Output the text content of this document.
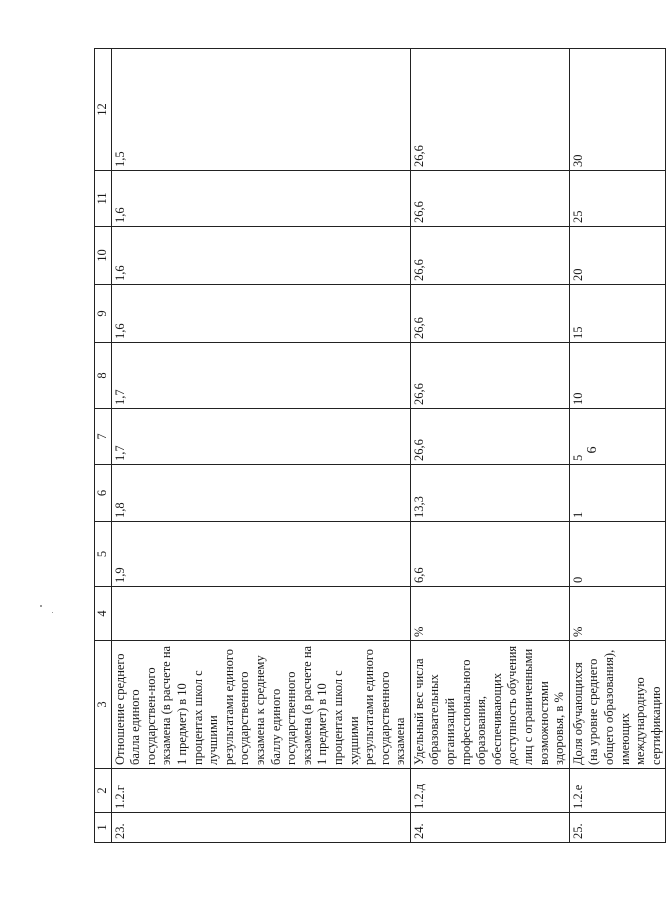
1	2	3	4	5	6	7	8	9	10	11	12
23.	1.2.г	Отношение среднего балла единого государствен-ного экзамена (в расчете на 1 предмет) в 10 процентах школ с лучшими результатами единого государственного экзамена к среднему баллу единого государственного экзамена (в расчете на 1 предмет) в 10 процентах школ с худшими результатами единого государственного экзамена		1,9	1,8	1,7	1,7	1,6	1,6	1,6	1,5
24.	1.2.д	Удельный вес числа образовательных организаций профессионального образования, обеспечивающих доступность обучения лиц с ограниченными возможностями здоровья, в %	%	6,6	13,3	26,6	26,6	26,6	26,6	26,6	26,6
25.	1.2.е	Доля обучающихся (на уровне среднего общего образования), имеющих международную сертификацию	%	0	1	5	10	15	20	25	30
6
